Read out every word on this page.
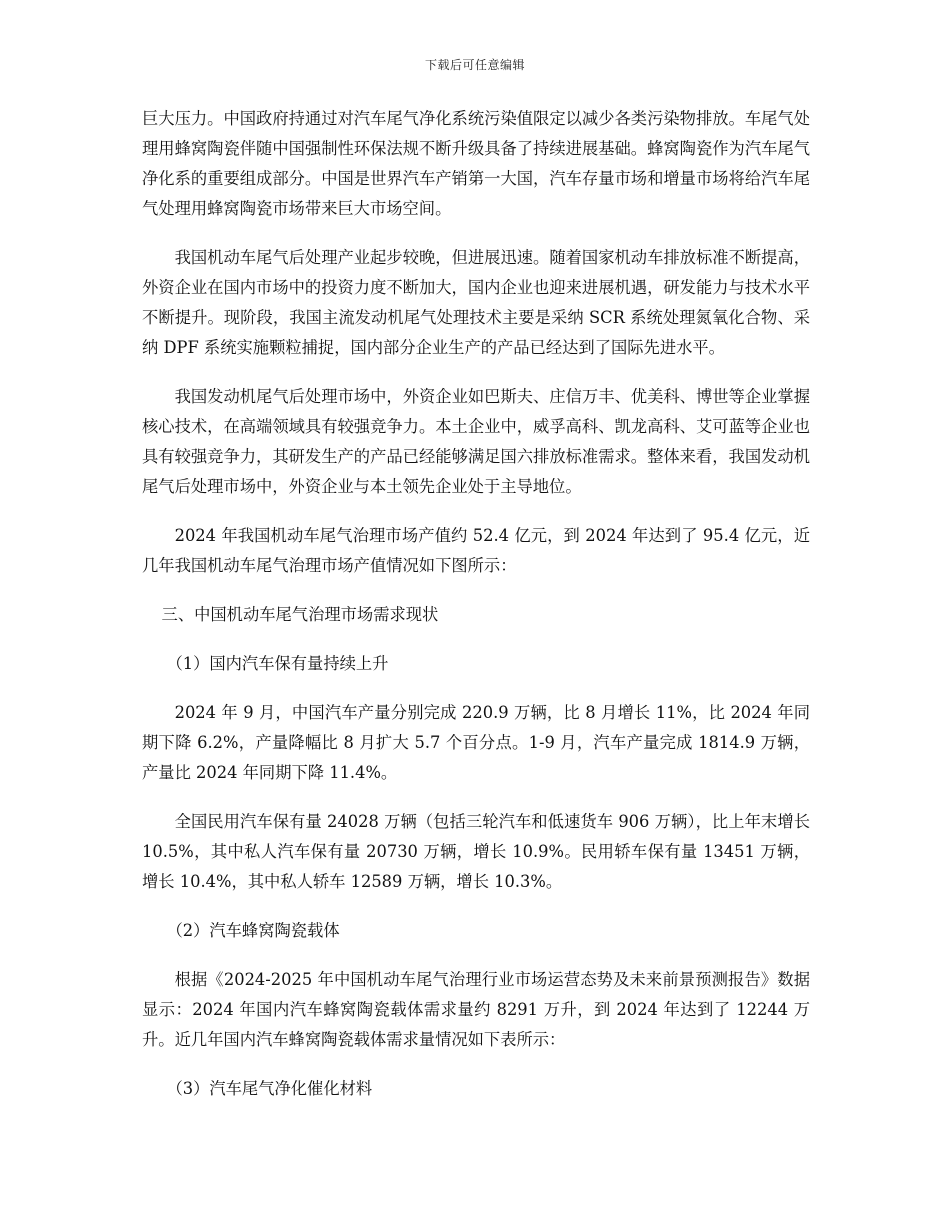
下载后可任意编辑

巨大压力。中国政府持通过对汽车尾气净化系统污染值限定以减少各类污染物排放。车尾气处理用蜂窝陶瓷伴随中国强制性环保法规不断升级具备了持续进展基础。蜂窝陶瓷作为汽车尾气净化系的重要组成部分。中国是世界汽车产销第一大国，汽车存量市场和增量市场将给汽车尾气处理用蜂窝陶瓷市场带来巨大市场空间。

我国机动车尾气后处理产业起步较晚，但进展迅速。随着国家机动车排放标准不断提高，外资企业在国内市场中的投资力度不断加大，国内企业也迎来进展机遇，研发能力与技术水平不断提升。现阶段，我国主流发动机尾气处理技术主要是采纳 SCR 系统处理氮氧化合物、采纳 DPF 系统实施颗粒捕捉，国内部分企业生产的产品已经达到了国际先进水平。

我国发动机尾气后处理市场中，外资企业如巴斯夫、庄信万丰、优美科、博世等企业掌握核心技术，在高端领域具有较强竞争力。本土企业中，威孚高科、凯龙高科、艾可蓝等企业也具有较强竞争力，其研发生产的产品已经能够满足国六排放标准需求。整体来看，我国发动机尾气后处理市场中，外资企业与本土领先企业处于主导地位。

2024 年我国机动车尾气治理市场产值约 52.4 亿元，到 2024 年达到了 95.4 亿元，近几年我国机动车尾气治理市场产值情况如下图所示：

三、中国机动车尾气治理市场需求现状

（1）国内汽车保有量持续上升

2024 年 9 月，中国汽车产量分别完成 220.9 万辆，比 8 月增长 11%，比 2024 年同期下降 6.2%，产量降幅比 8 月扩大 5.7 个百分点。1-9 月，汽车产量完成 1814.9 万辆，产量比 2024 年同期下降 11.4%。

全国民用汽车保有量 24028 万辆（包括三轮汽车和低速货车 906 万辆），比上年末增长 10.5%，其中私人汽车保有量 20730 万辆，增长 10.9%。民用轿车保有量 13451 万辆，增长 10.4%，其中私人轿车 12589 万辆，增长 10.3%。

（2）汽车蜂窝陶瓷载体

根据《2024-2025 年中国机动车尾气治理行业市场运营态势及未来前景预测报告》数据显示：2024 年国内汽车蜂窝陶瓷载体需求量约 8291 万升，到 2024 年达到了 12244 万升。近几年国内汽车蜂窝陶瓷载体需求量情况如下表所示：

（3）汽车尾气净化催化材料
